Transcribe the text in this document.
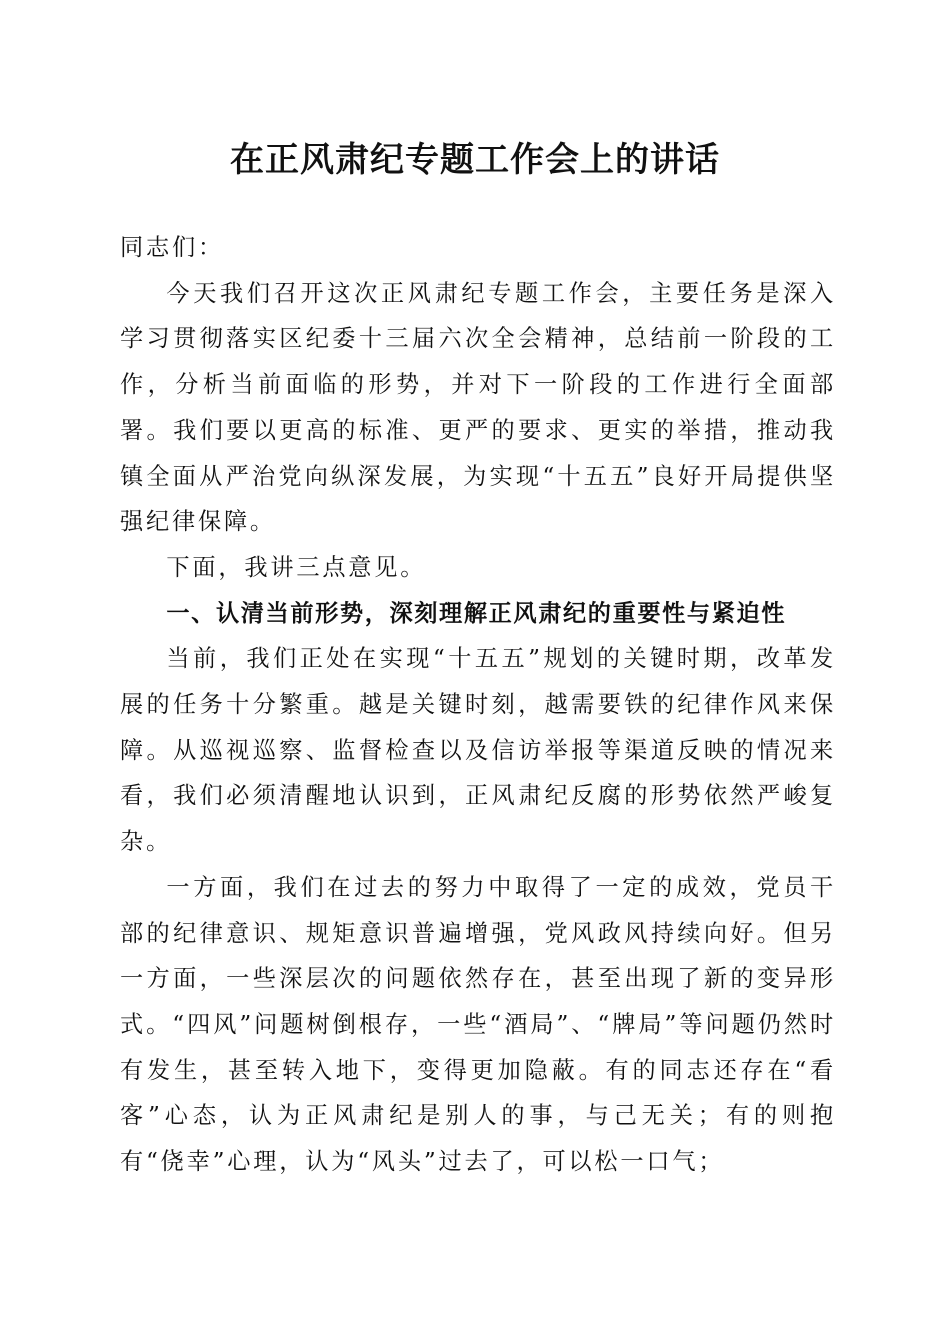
在正风肃纪专题工作会上的讲话

同志们：

今天我们召开这次正风肃纪专题工作会，主要任务是深入学习贯彻落实区纪委十三届六次全会精神，总结前一阶段的工作，分析当前面临的形势，并对下一阶段的工作进行全面部署。我们要以更高的标准、更严的要求、更实的举措，推动我镇全面从严治党向纵深发展，为实现“十五五”良好开局提供坚强纪律保障。

下面，我讲三点意见。

一、认清当前形势，深刻理解正风肃纪的重要性与紧迫性

当前，我们正处在实现“十五五”规划的关键时期，改革发展的任务十分繁重。越是关键时刻，越需要铁的纪律作风来保障。从巡视巡察、监督检查以及信访举报等渠道反映的情况来看，我们必须清醒地认识到，正风肃纪反腐的形势依然严峻复杂。

一方面，我们在过去的努力中取得了一定的成效，党员干部的纪律意识、规矩意识普遍增强，党风政风持续向好。但另一方面，一些深层次的问题依然存在，甚至出现了新的变异形式。“四风”问题树倒根存，一些“酒局”、“牌局”等问题仍然时有发生，甚至转入地下，变得更加隐蔽。有的同志还存在“看客”心态，认为正风肃纪是别人的事，与己无关；有的则抱有“侥幸”心理，认为“风头”过去了，可以松一口气；
